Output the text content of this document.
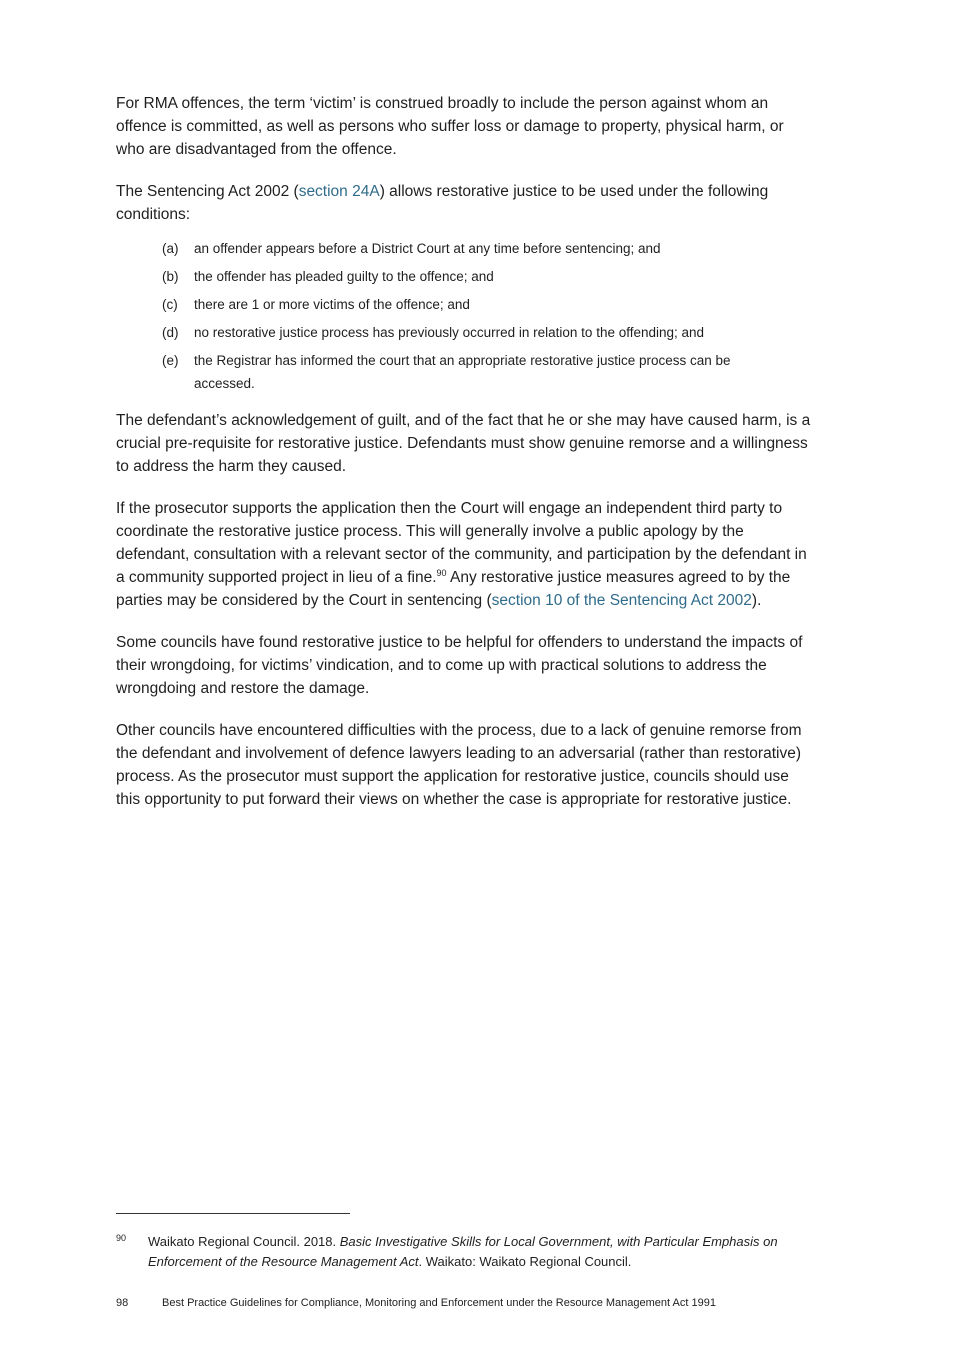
For RMA offences, the term ‘victim’ is construed broadly to include the person against whom an offence is committed, as well as persons who suffer loss or damage to property, physical harm, or who are disadvantaged from the offence.

The Sentencing Act 2002 (section 24A) allows restorative justice to be used under the following conditions:

(a)	an offender appears before a District Court at any time before sentencing; and
(b)	the offender has pleaded guilty to the offence; and
(c)	there are 1 or more victims of the offence; and
(d)	no restorative justice process has previously occurred in relation to the offending; and
(e)	the Registrar has informed the court that an appropriate restorative justice process can be accessed.

The defendant’s acknowledgement of guilt, and of the fact that he or she may have caused harm, is a crucial pre-requisite for restorative justice. Defendants must show genuine remorse and a willingness to address the harm they caused.

If the prosecutor supports the application then the Court will engage an independent third party to coordinate the restorative justice process. This will generally involve a public apology by the defendant, consultation with a relevant sector of the community, and participation by the defendant in a community supported project in lieu of a fine.$^{90}$ Any restorative justice measures agreed to by the parties may be considered by the Court in sentencing (section 10 of the Sentencing Act 2002).

Some councils have found restorative justice to be helpful for offenders to understand the impacts of their wrongdoing, for victims’ vindication, and to come up with practical solutions to address the wrongdoing and restore the damage.

Other councils have encountered difficulties with the process, due to a lack of genuine remorse from the defendant and involvement of defence lawyers leading to an adversarial (rather than restorative) process. As the prosecutor must support the application for restorative justice, councils should use this opportunity to put forward their views on whether the case is appropriate for restorative justice.

90	Waikato Regional Council. 2018. Basic Investigative Skills for Local Government, with Particular Emphasis on Enforcement of the Resource Management Act. Waikato: Waikato Regional Council.
98	Best Practice Guidelines for Compliance, Monitoring and Enforcement under the Resource Management Act 1991
